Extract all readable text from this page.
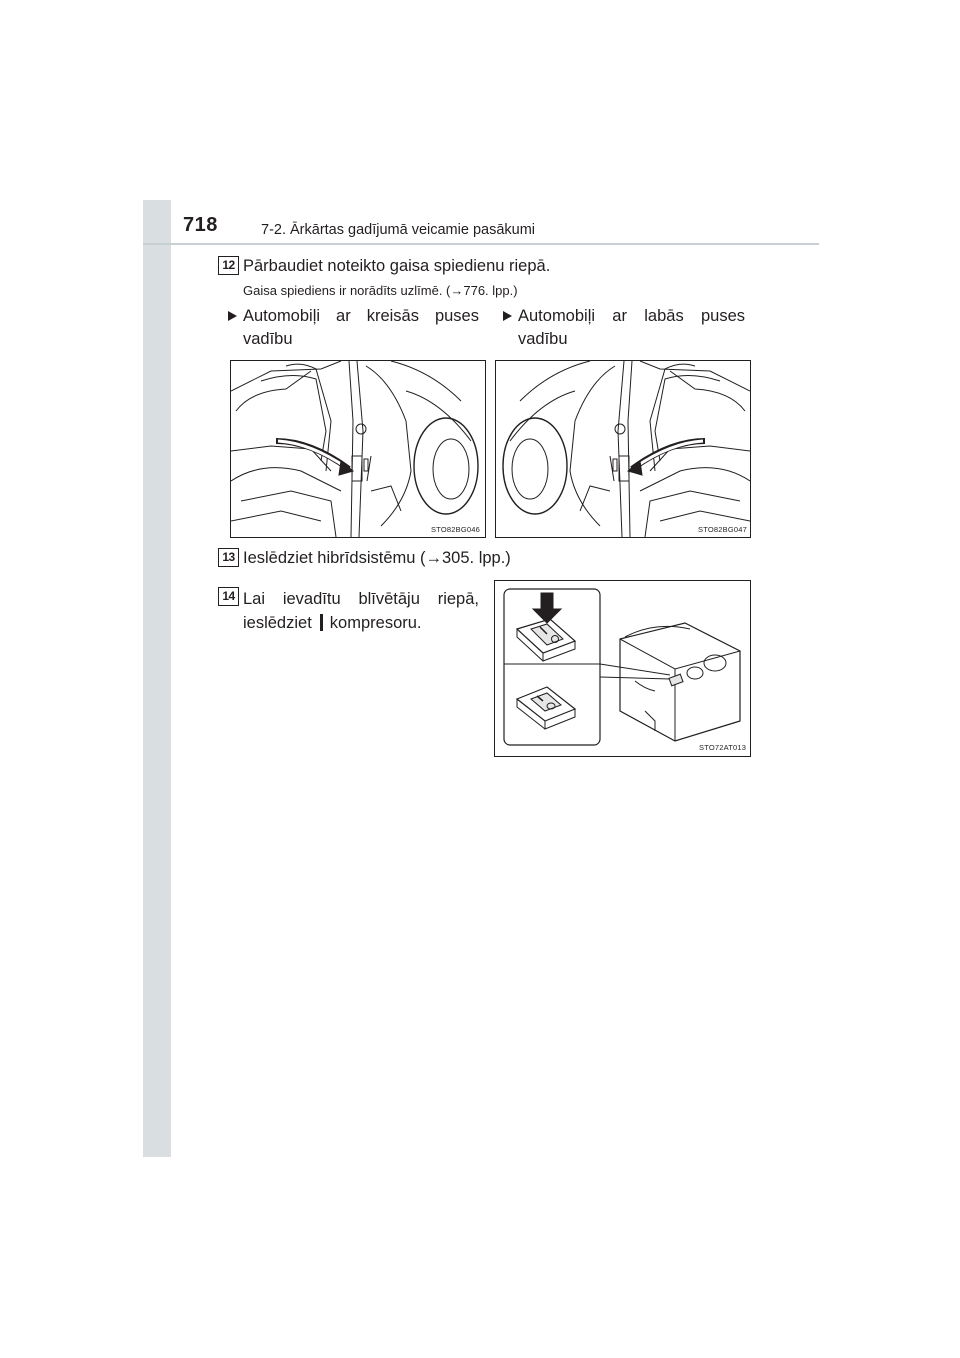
718	7-2. Ārkārtas gadījumā veicamie pasākumi
12 Pārbaudiet noteikto gaisa spiedienu riepā.
Gaisa spiediens ir norādīts uzlīmē. (→776. lpp.)
Automobiļi ar kreisās puses vadību
Automobiļi ar labās puses vadību
STO82BG046	STO82BG047
13 Ieslēdziet hibrīdsistēmu (→305. lpp.)
14 Lai ievadītu blīvētāju riepā, ieslēdziet kompresoru.
STO72AT013
